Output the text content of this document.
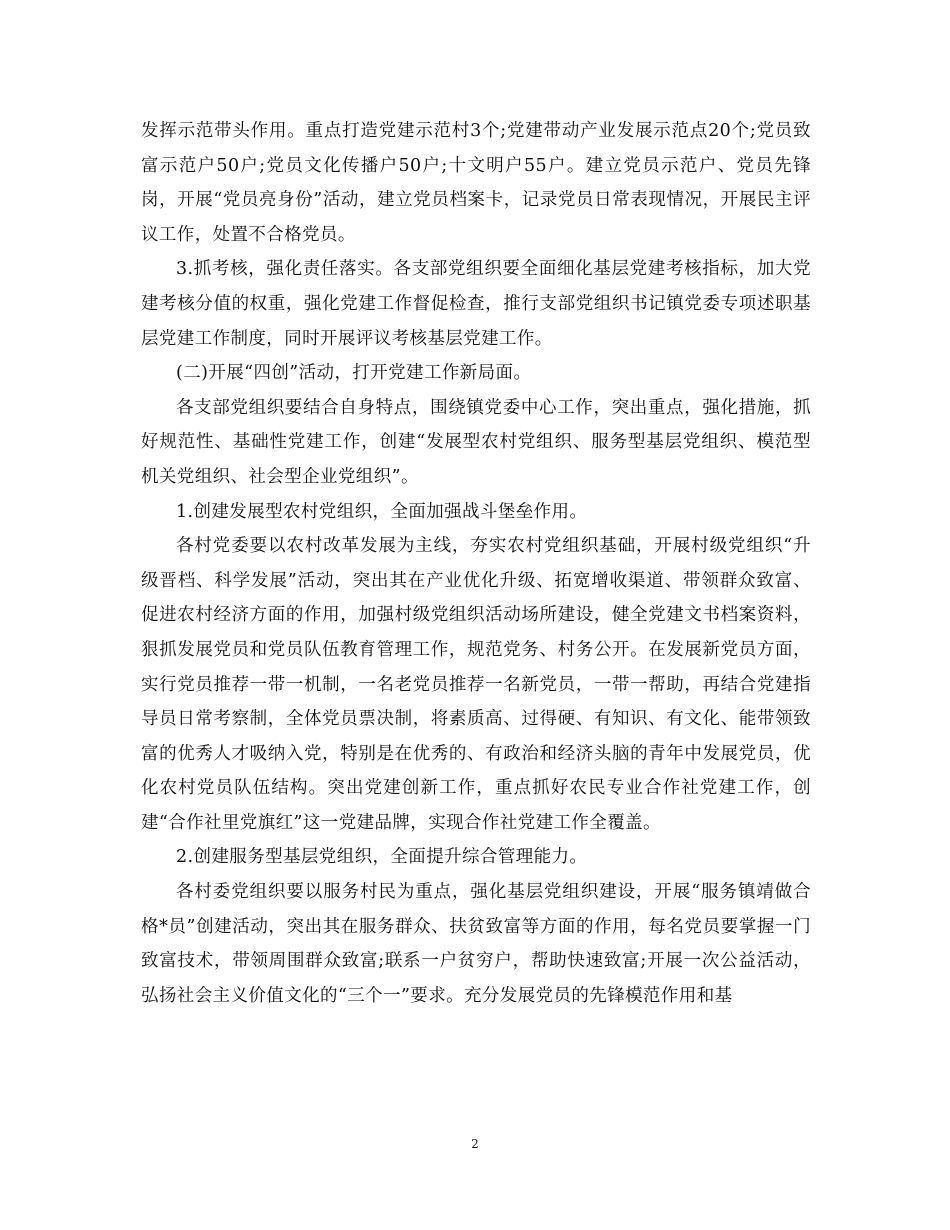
发挥示范带头作用。重点打造党建示范村3个;党建带动产业发展示范点20个;党员致富示范户50户;党员文化传播户50户;十文明户55户。建立党员示范户、党员先锋岗，开展“党员亮身份”活动，建立党员档案卡，记录党员日常表现情况，开展民主评议工作，处置不合格党员。

3.抓考核，强化责任落实。各支部党组织要全面细化基层党建考核指标，加大党建考核分值的权重，强化党建工作督促检查，推行支部党组织书记镇党委专项述职基层党建工作制度，同时开展评议考核基层党建工作。

(二)开展“四创”活动，打开党建工作新局面。

各支部党组织要结合自身特点，围绕镇党委中心工作，突出重点，强化措施，抓好规范性、基础性党建工作，创建“发展型农村党组织、服务型基层党组织、模范型机关党组织、社会型企业党组织”。

1.创建发展型农村党组织，全面加强战斗堡垒作用。

各村党委要以农村改革发展为主线，夯实农村党组织基础，开展村级党组织“升级晋档、科学发展”活动，突出其在产业优化升级、拓宽增收渠道、带领群众致富、促进农村经济方面的作用，加强村级党组织活动场所建设，健全党建文书档案资料，狠抓发展党员和党员队伍教育管理工作，规范党务、村务公开。在发展新党员方面，实行党员推荐一带一机制，一名老党员推荐一名新党员，一带一帮助，再结合党建指导员日常考察制，全体党员票决制，将素质高、过得硬、有知识、有文化、能带领致富的优秀人才吸纳入党，特别是在优秀的、有政治和经济头脑的青年中发展党员，优化农村党员队伍结构。突出党建创新工作，重点抓好农民专业合作社党建工作，创建“合作社里党旗红”这一党建品牌，实现合作社党建工作全覆盖。

2.创建服务型基层党组织，全面提升综合管理能力。

各村委党组织要以服务村民为重点，强化基层党组织建设，开展“服务镇靖做合格*员”创建活动，突出其在服务群众、扶贫致富等方面的作用，每名党员要掌握一门致富技术，带领周围群众致富;联系一户贫穷户，帮助快速致富;开展一次公益活动，弘扬社会主义价值文化的“三个一”要求。充分发展党员的先锋模范作用和基

2
